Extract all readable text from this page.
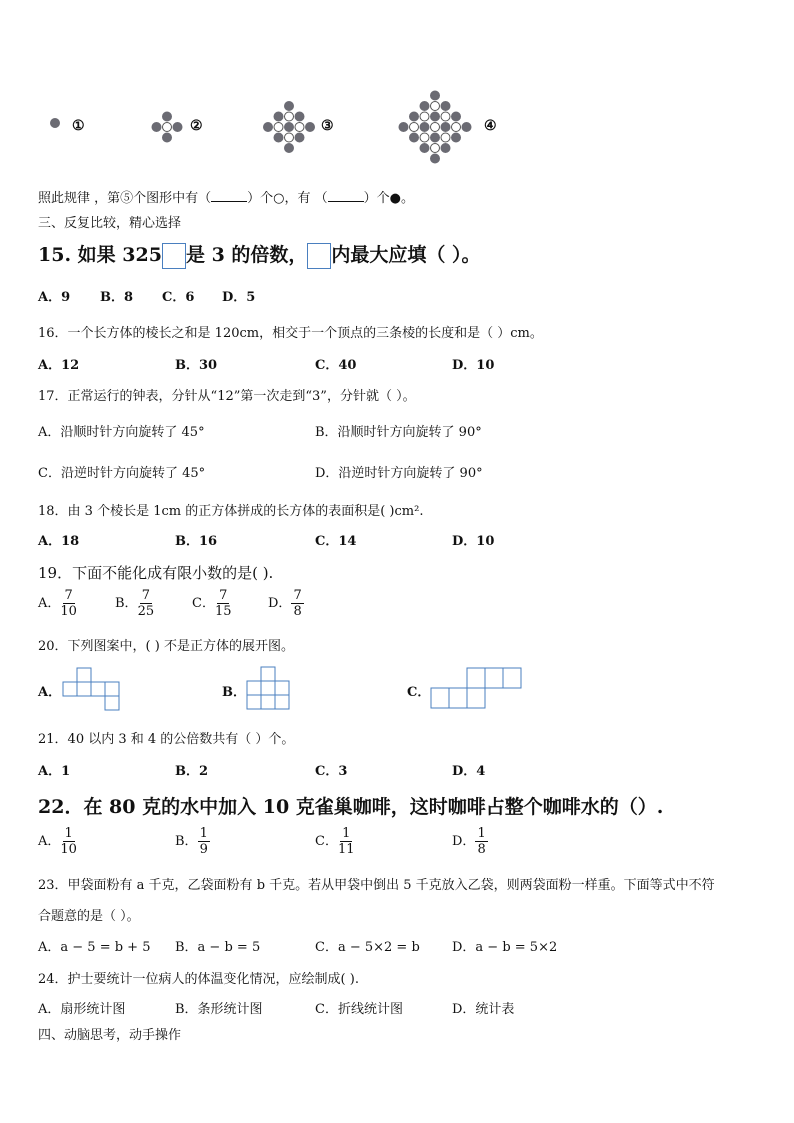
①	②	③	④
照此规律 ，第⑤个图形中有（	）个○，有 （	）个●。
三、反复比较，精心选择
15. 如果 325 是 3 的倍数， 内最大应填（ ）。
A．9 B．8 C．6 D．5
16．一个长方体的棱长之和是 120cm，相交于一个顶点的三条棱的长度和是（ ）cm。
A．12	B．30	C．40	D．10
17．正常运行的钟表，分针从“12”第一次走到“3”，分针就（ ）。
A．沿顺时针方向旋转了 45°	B．沿顺时针方向旋转了 90°
C．沿逆时针方向旋转了 45°	D．沿逆时针方向旋转了 90°
18．由 3 个棱长是 1cm 的正方体拼成的长方体的表面积是( )cm².
A．18	B．16	C．14	D．10
19．下面不能化成有限小数的是( ).
A． $\frac{7}{10}$	B． $\frac{7}{25}$	C． $\frac{7}{15}$	D． $\frac{7}{8}$
20．下列图案中，( ) 不是正方体的展开图。
A．	B．	C．
21．40 以内 3 和 4 的公倍数共有（ ）个。
A．1	B．2	C．3	D．4
22．在 80 克的水中加入 10 克雀巢咖啡，这时咖啡占整个咖啡水的（）.
A． $\frac{1}{10}$	B． $\frac{1}{9}$	C． $\frac{1}{11}$	D． $\frac{1}{8}$
23．甲袋面粉有 a 千克，乙袋面粉有 b 千克。若从甲袋中倒出 5 千克放入乙袋，则两袋面粉一样重。下面等式中不符
合题意的是（ ）。
A．a − 5 = b + 5 B．a − b = 5	C．a − 5×2 = b D．a − b = 5×2
24．护士要统计一位病人的体温变化情况，应绘制成( ).
A．扇形统计图	B．条形统计图	C．折线统计图	D．统计表
四、动脑思考，动手操作
